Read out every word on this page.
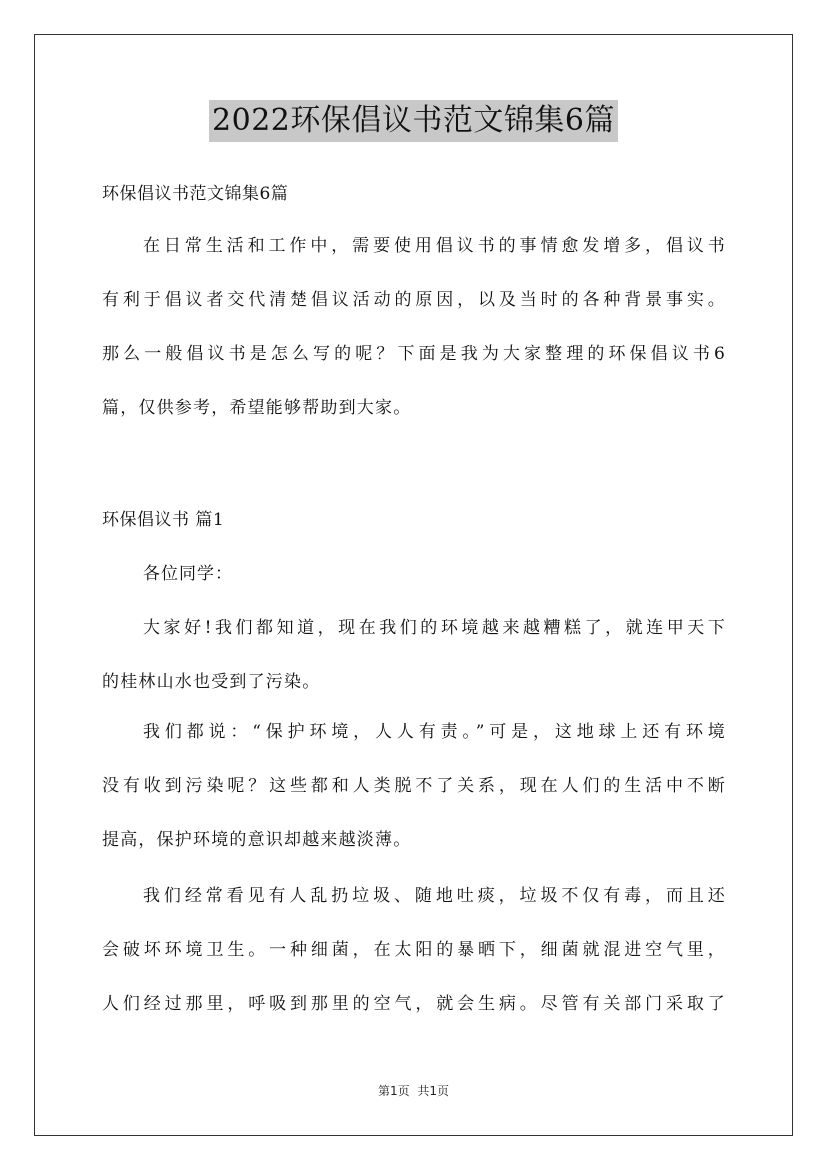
2022环保倡议书范文锦集6篇
环保倡议书范文锦集6篇
在日常生活和工作中，需要使用倡议书的事情愈发增多，倡议书
有利于倡议者交代清楚倡议活动的原因，以及当时的各种背景事实。
那么一般倡议书是怎么写的呢？下面是我为大家整理的环保倡议书6
篇，仅供参考，希望能够帮助到大家。
环保倡议书 篇1
各位同学：
大家好!我们都知道，现在我们的环境越来越糟糕了，就连甲天下
的桂林山水也受到了污染。
我们都说：“保护环境，人人有责。”可是，这地球上还有环境
没有收到污染呢？这些都和人类脱不了关系，现在人们的生活中不断
提高，保护环境的意识却越来越淡薄。
我们经常看见有人乱扔垃圾、随地吐痰，垃圾不仅有毒，而且还
会破坏环境卫生。一种细菌，在太阳的暴晒下，细菌就混进空气里，
人们经过那里，呼吸到那里的空气，就会生病。尽管有关部门采取了
第1页 共1页
